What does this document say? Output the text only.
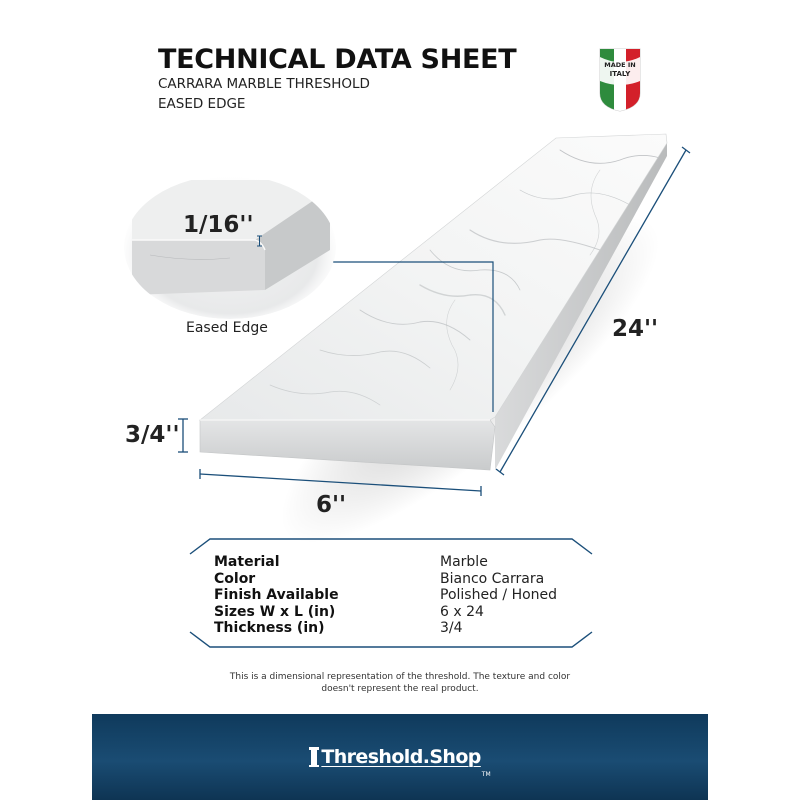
TECHNICAL DATA SHEET
CARRARA MARBLE THRESHOLD
EASED EDGE
MADE IN
ITALY
1/16''
Eased Edge	24''
3/4''
6''
Material	Marble
Color	Bianco Carrara
Finish Available	Polished / Honed
Sizes W x L (in)	6 x 24
Thickness (in)	3/4
This is a dimensional representation of the threshold. The texture and color
doesn't represent the real product.
Threshold.Shop
TM
